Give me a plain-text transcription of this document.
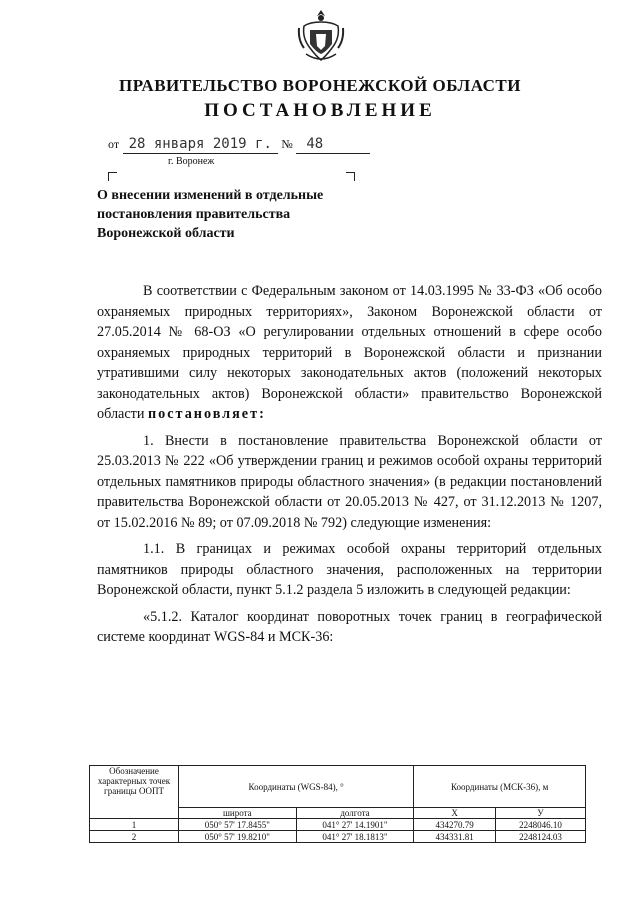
ПРАВИТЕЛЬСТВО ВОРОНЕЖСКОЙ ОБЛАСТИ
ПОСТАНОВЛЕНИЕ
от 28 января 2019 г. № 48
г. Воронеж
О внесении изменений в отдельные постановления правительства Воронежской области

В соответствии с Федеральным законом от 14.03.1995 № 33-ФЗ «Об особо охраняемых природных территориях», Законом Воронежской области от 27.05.2014 № 68-ОЗ «О регулировании отдельных отношений в сфере особо охраняемых природных территорий в Воронежской области и признании утратившими силу некоторых законодательных актов (положений некоторых законодательных актов) Воронежской области» правительство Воронежской области постановляет:

1. Внести в постановление правительства Воронежской области от 25.03.2013 № 222 «Об утверждении границ и режимов особой охраны территорий отдельных памятников природы областного значения» (в редакции постановлений правительства Воронежской области от 20.05.2013 № 427, от 31.12.2013 № 1207, от 15.02.2016 № 89; от 07.09.2018 № 792) следующие изменения:

1.1. В границах и режимах особой охраны территорий отдельных памятников природы областного значения, расположенных на территории Воронежской области, пункт 5.1.2 раздела 5 изложить в следующей редакции:

«5.1.2. Каталог координат поворотных точек границ в географической системе координат WGS-84 и МСК-36:

Обозначение характерных точек границы ООПТ	Координаты (WGS-84), °		Координаты (МСК-36), м	
	широта	долгота	Х	У
1	050° 57' 17.8455"	041° 27' 14.1901"	434270.79	2248046.10
2	050° 57' 19.8210"	041° 27' 18.1813"	434331.81	2248124.03
